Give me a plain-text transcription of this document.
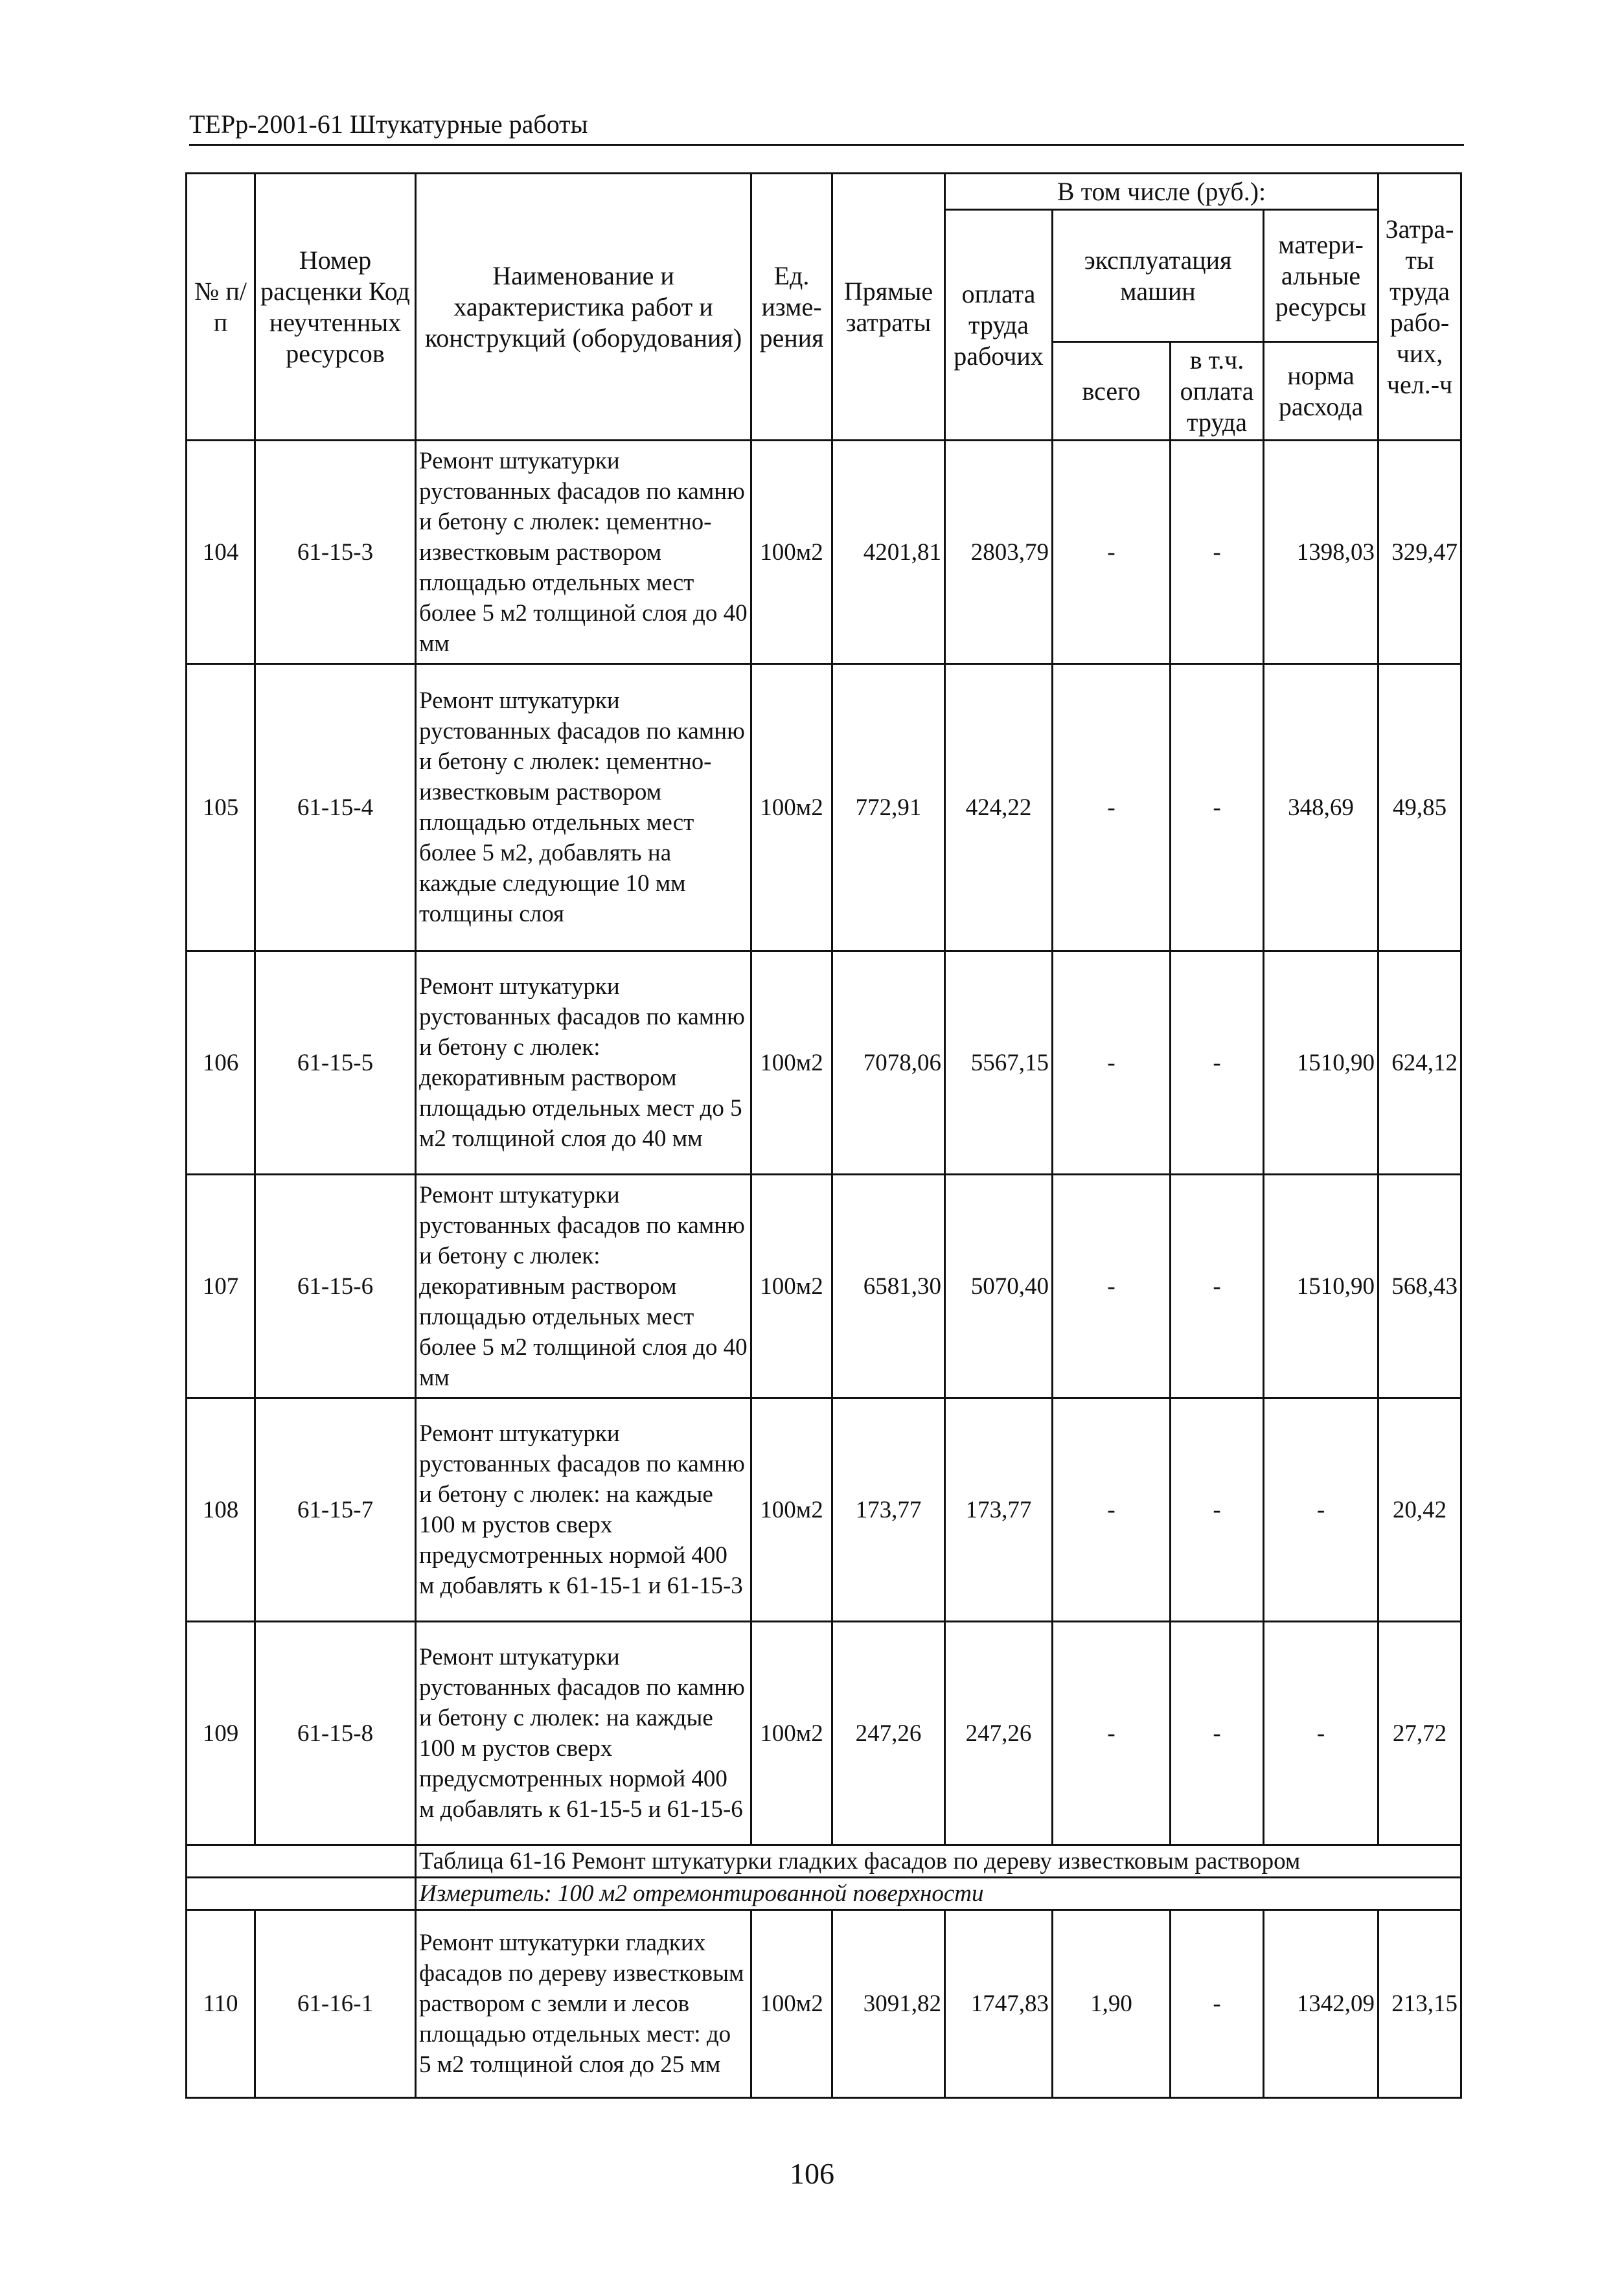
ТЕРр-2001-61 Штукатурные работы
№ п/п	Номер расценки Код неучтенных ресурсов	Наименование и характеристика работ и конструкций (оборудования)	Ед. изме-рения	Прямые затраты	В том числе (руб.):				Затра-ты труда рабо-чих, чел.-ч
					оплата труда рабочих	эксплуатация машин		матери-альные ресурсы	
						всего	в т.ч. оплата труда	норма расхода	
104	61-15-3	Ремонт штукатурки рустованных фасадов по камню и бетону с люлек: цементно-известковым раствором площадью отдельных мест более 5 м2 толщиной слоя до 40 мм	100м2	4201,81	2803,79	-	-	1398,03	329,47
105	61-15-4	Ремонт штукатурки рустованных фасадов по камню и бетону с люлек: цементно-известковым раствором площадью отдельных мест более 5 м2, добавлять на каждые следующие 10 мм толщины слоя	100м2	772,91	424,22	-	-	348,69	49,85
106	61-15-5	Ремонт штукатурки рустованных фасадов по камню и бетону с люлек: декоративным раствором площадью отдельных мест до 5 м2 толщиной слоя до 40 мм	100м2	7078,06	5567,15	-	-	1510,90	624,12
107	61-15-6	Ремонт штукатурки рустованных фасадов по камню и бетону с люлек: декоративным раствором площадью отдельных мест более 5 м2 толщиной слоя до 40 мм	100м2	6581,30	5070,40	-	-	1510,90	568,43
108	61-15-7	Ремонт штукатурки рустованных фасадов по камню и бетону с люлек: на каждые 100 м рустов сверх предусмотренных нормой 400 м добавлять к 61-15-1 и 61-15-3	100м2	173,77	173,77	-	-	-	20,42
109	61-15-8	Ремонт штукатурки рустованных фасадов по камню и бетону с люлек: на каждые 100 м рустов сверх предусмотренных нормой 400 м добавлять к 61-15-5 и 61-15-6	100м2	247,26	247,26	-	-	-	27,72
		Таблица 61-16 Ремонт штукатурки гладких фасадов по дереву известковым раствором							
		Измеритель: 100 м2 отремонтированной поверхности							
110	61-16-1	Ремонт штукатурки гладких фасадов по дереву известковым раствором с земли и лесов площадью отдельных мест: до 5 м2 толщиной слоя до 25 мм	100м2	3091,82	1747,83	1,90	-	1342,09	213,15
106
